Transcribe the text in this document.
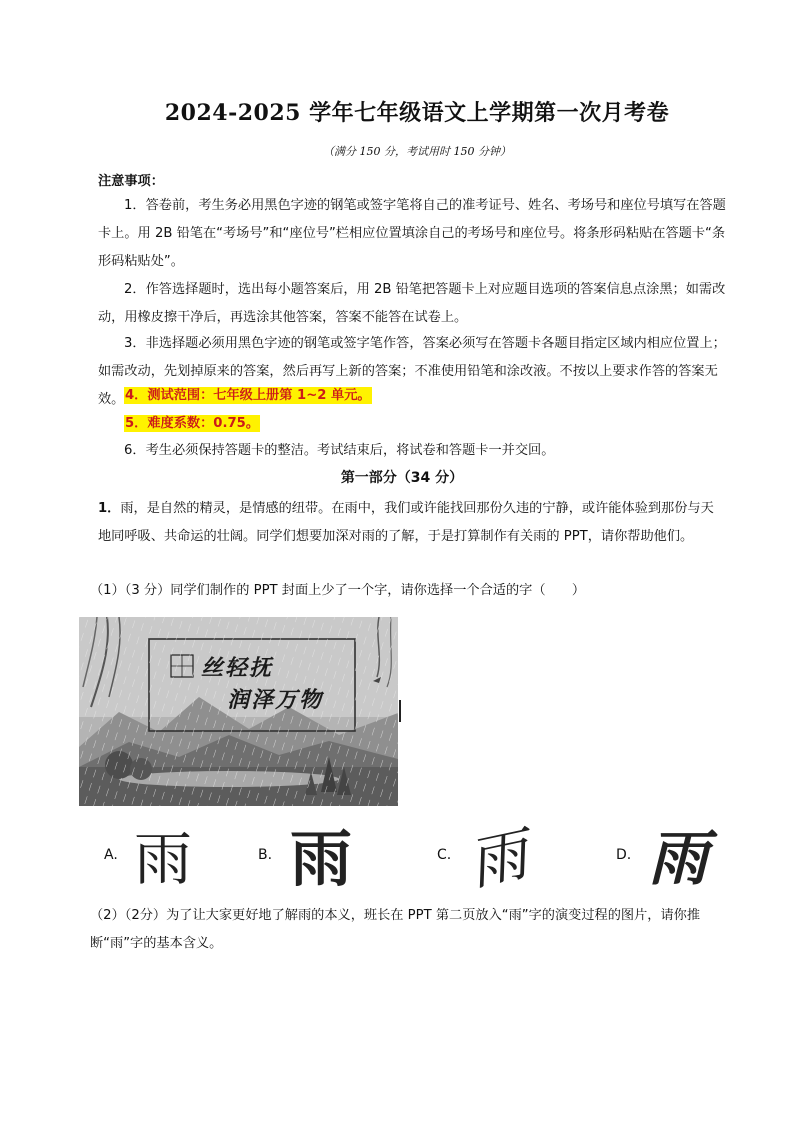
2024-2025 学年七年级语文上学期第一次月考卷
（满分 150 分，考试用时 150 分钟）
注意事项：
1．答卷前，考生务必用黑色字迹的钢笔或签字笔将自己的准考证号、姓名、考场号和座位号填写在答题卡上。用 2B 铅笔在“考场号”和“座位号”栏相应位置填涂自己的考场号和座位号。将条形码粘贴在答题卡“条形码粘贴处”。
2．作答选择题时，选出每小题答案后，用 2B 铅笔把答题卡上对应题目选项的答案信息点涂黑；如需改动，用橡皮擦干净后，再选涂其他答案，答案不能答在试卷上。
3．非选择题必须用黑色字迹的钢笔或签字笔作答，答案必须写在答题卡各题目指定区域内相应位置上；如需改动，先划掉原来的答案，然后再写上新的答案；不准使用铅笔和涂改液。不按以上要求作答的答案无效。 4．测试范围：七年级上册第 1~2 单元。
5．难度系数：0.75。
6．考生必须保持答题卡的整洁。考试结束后，将试卷和答题卡一并交回。
第一部分（34 分）
1．雨，是自然的精灵，是情感的纽带。在雨中，我们或许能找回那份久违的宁静，或许能体验到那份与天地同呼吸、共命运的壮阔。同学们想要加深对雨的了解，于是打算制作有关雨的 PPT，请你帮助他们。
（1）（3 分）同学们制作的 PPT 封面上少了一个字，请你选择一个合适的字（　　）
丝轻抚
润泽万物
A. 雨	B. 雨	C. 雨	D. 雨
（2）（2分）为了让大家更好地了解雨的本义，班长在 PPT 第二页放入“雨”字的演变过程的图片，请你推断“雨”字的基本含义。
